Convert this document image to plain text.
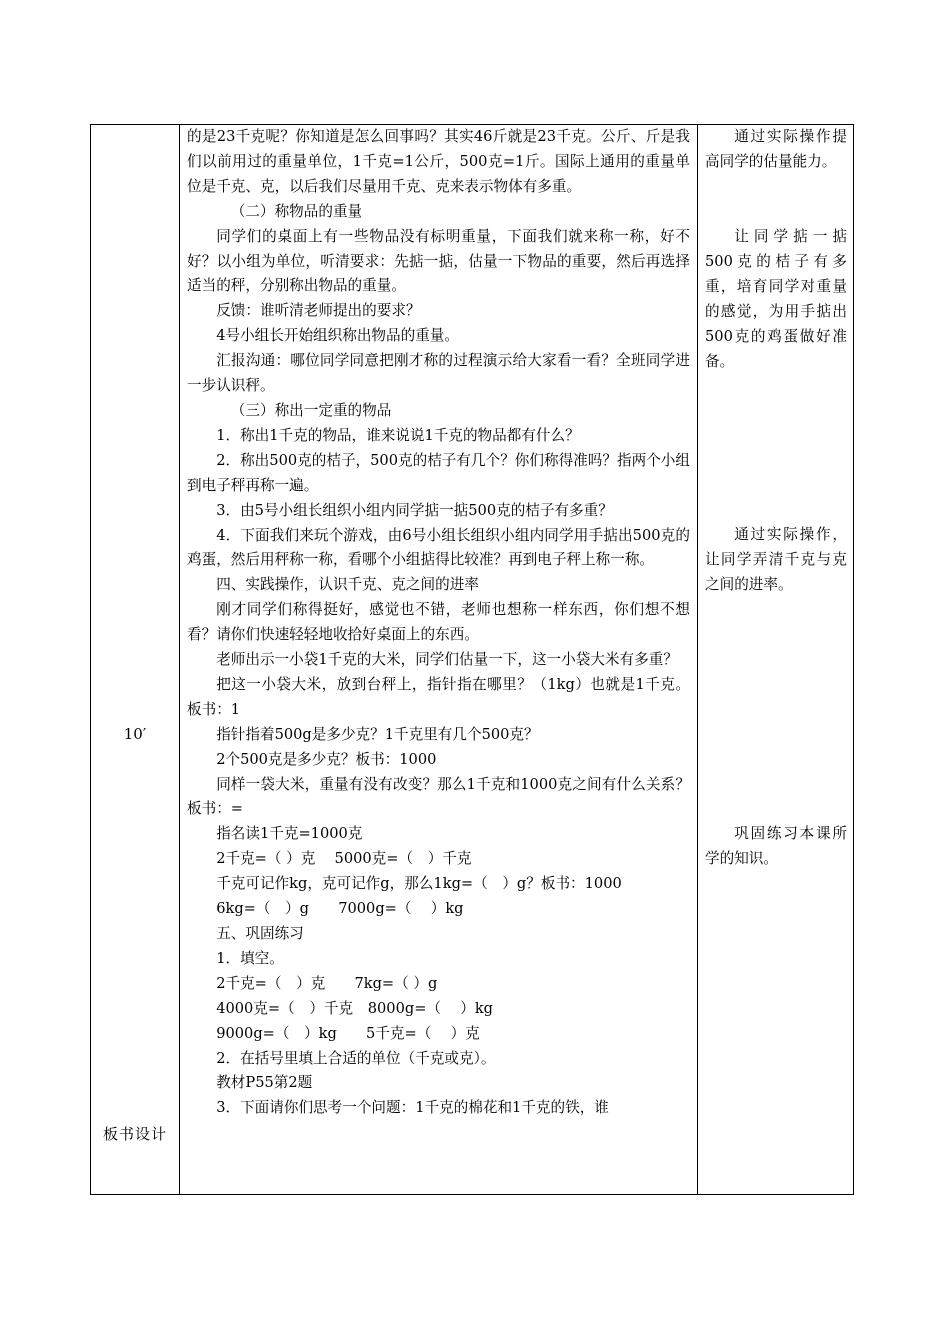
10′
板书设计

的是23千克呢？你知道是怎么回事吗？其实46斤就是23千克。公斤、斤是我们以前用过的重量单位，1千克=1公斤，500克=1斤。国际上通用的重量单位是千克、克，以后我们尽量用千克、克来表示物体有多重。

（二）称物品的重量

同学们的桌面上有一些物品没有标明重量，下面我们就来称一称，好不好？以小组为单位，听清要求：先掂一掂，估量一下物品的重要，然后再选择适当的秤，分别称出物品的重量。

反馈：谁听清老师提出的要求？

4号小组长开始组织称出物品的重量。

汇报沟通：哪位同学同意把刚才称的过程演示给大家看一看？全班同学进一步认识秤。

（三）称出一定重的物品

1．称出1千克的物品，谁来说说1千克的物品都有什么？

2．称出500克的桔子，500克的桔子有几个？你们称得准吗？指两个小组到电子秤再称一遍。

3．由5号小组长组织小组内同学掂一掂500克的桔子有多重？

4．下面我们来玩个游戏，由6号小组长组织小组内同学用手掂出500克的鸡蛋，然后用秤称一称，看哪个小组掂得比较准？再到电子秤上称一称。

四、实践操作，认识千克、克之间的进率

刚才同学们称得挺好，感觉也不错，老师也想称一样东西，你们想不想看？请你们快速轻轻地收拾好桌面上的东西。

老师出示一小袋1千克的大米，同学们估量一下，这一小袋大米有多重？

把这一小袋大米，放到台秤上，指针指在哪里？（1kg）也就是1千克。板书：1

指针指着500g是多少克？1千克里有几个500克？

2个500克是多少克？板书：1000

同样一袋大米，重量有没有改变？那么1千克和1000克之间有什么关系？板书：=

指名读1千克=1000克

2千克=（ ）克　 5000克=（　）千克

千克可记作kg，克可记作g，那么1kg=（　）g？板书：1000

6kg=（　）g　　7000g=（　 ）kg

五、巩固练习

1．填空。

2千克=（　）克　　7kg=（ ）g

4000克=（　）千克　8000g=（　 ）kg

9000g=（　）kg　　5千克=（　 ）克

2．在括号里填上合适的单位（千克或克）。

教材P55第2题

3．下面请你们思考一个问题：1千克的棉花和1千克的铁，谁

通过实际操作提高同学的估量能力。

让同学掂一掂500克的桔子有多重，培育同学对重量的感觉，为用手掂出500克的鸡蛋做好准备。

通过实际操作，让同学弄清千克与克之间的进率。

巩固练习本课所学的知识。
